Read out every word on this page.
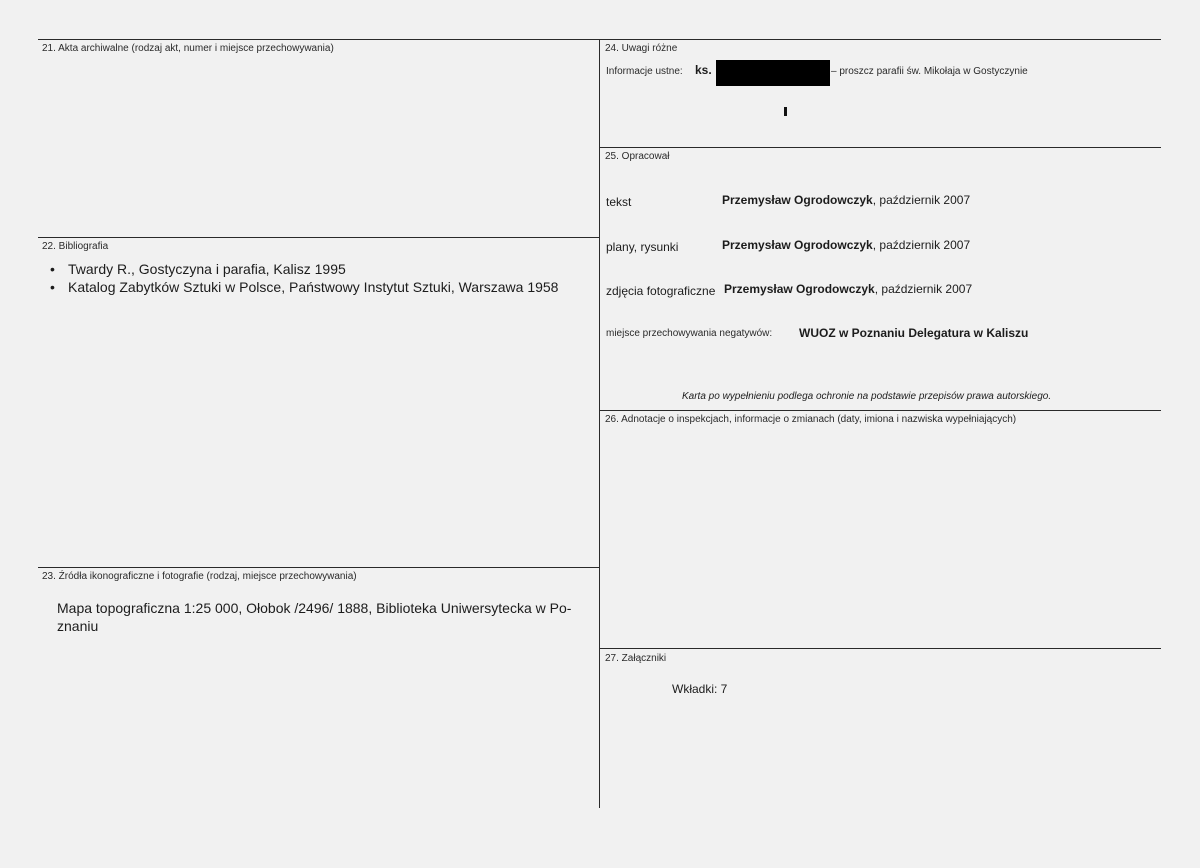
21. Akta archiwalne (rodzaj akt, numer i miejsce przechowywania)
22. Bibliografia
• Twardy R., Gostyczyna i parafia, Kalisz 1995
• Katalog Zabytków Sztuki w Polsce, Państwowy Instytut Sztuki, Warszawa 1958
23. Źródła ikonograficzne i fotografie (rodzaj, miejsce przechowywania)
Mapa topograficzna 1:25 000, Ołobok /2496/ 1888, Biblioteka Uniwersytecka w Po-
znaniu
24. Uwagi różne
Informacje ustne: ks.	– proszcz parafii św. Mikołaja w Gostyczynie
25. Opracował
tekst	Przemysław Ogrodowczyk, październik 2007
plany, rysunki	Przemysław Ogrodowczyk, październik 2007
zdjęcia fotograficzne Przemysław Ogrodowczyk, październik 2007
miejsce przechowywania negatywów: WUOZ w Poznaniu Delegatura w Kaliszu
Karta po wypełnieniu podlega ochronie na podstawie przepisów prawa autorskiego.
26. Adnotacje o inspekcjach, informacje o zmianach (daty, imiona i nazwiska wypełniających)
27. Załączniki
Wkładki: 7
